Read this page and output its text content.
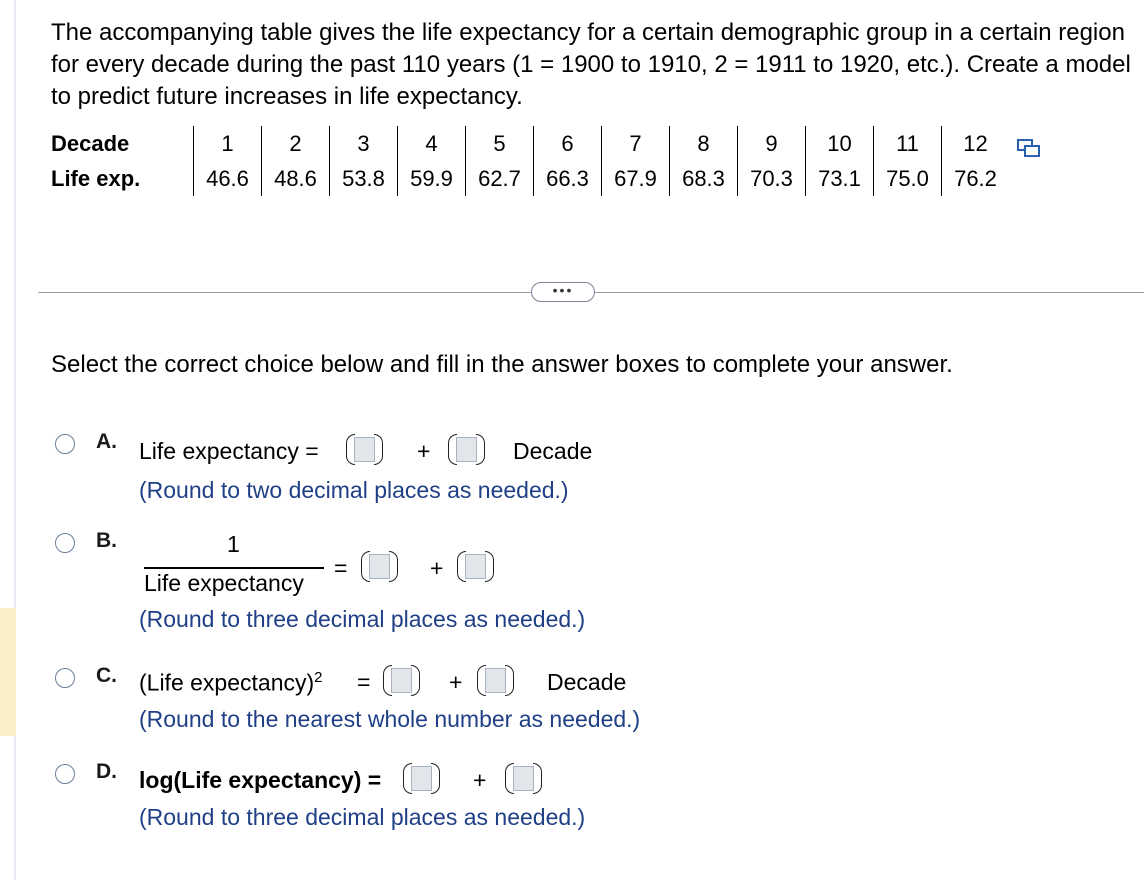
The accompanying table gives the life expectancy for a certain demographic group in a certain region for every decade during the past 110 years (1 = 1900 to 1910, 2 = 1911 to 1920, etc.). Create a model to predict future increases in life expectancy.

Decade	1	2	3	4	5	6	7	8	9	10	11	12
Life exp.	46.6	48.6	53.8	59.9	62.7	66.3	67.9	68.3	70.3	73.1	75.0	76.2
•••
Select the correct choice below and fill in the answer boxes to complete your answer.
A. Life expectancy =	+	Decade
(Round to two decimal places as needed.)
B.	1
Life expectancy
=	+
(Round to three decimal places as needed.)
C. (Life expectancy)$^2$ =	+	Decade
(Round to the nearest whole number as needed.)
D. log(Life expectancy) =	+
(Round to three decimal places as needed.)
